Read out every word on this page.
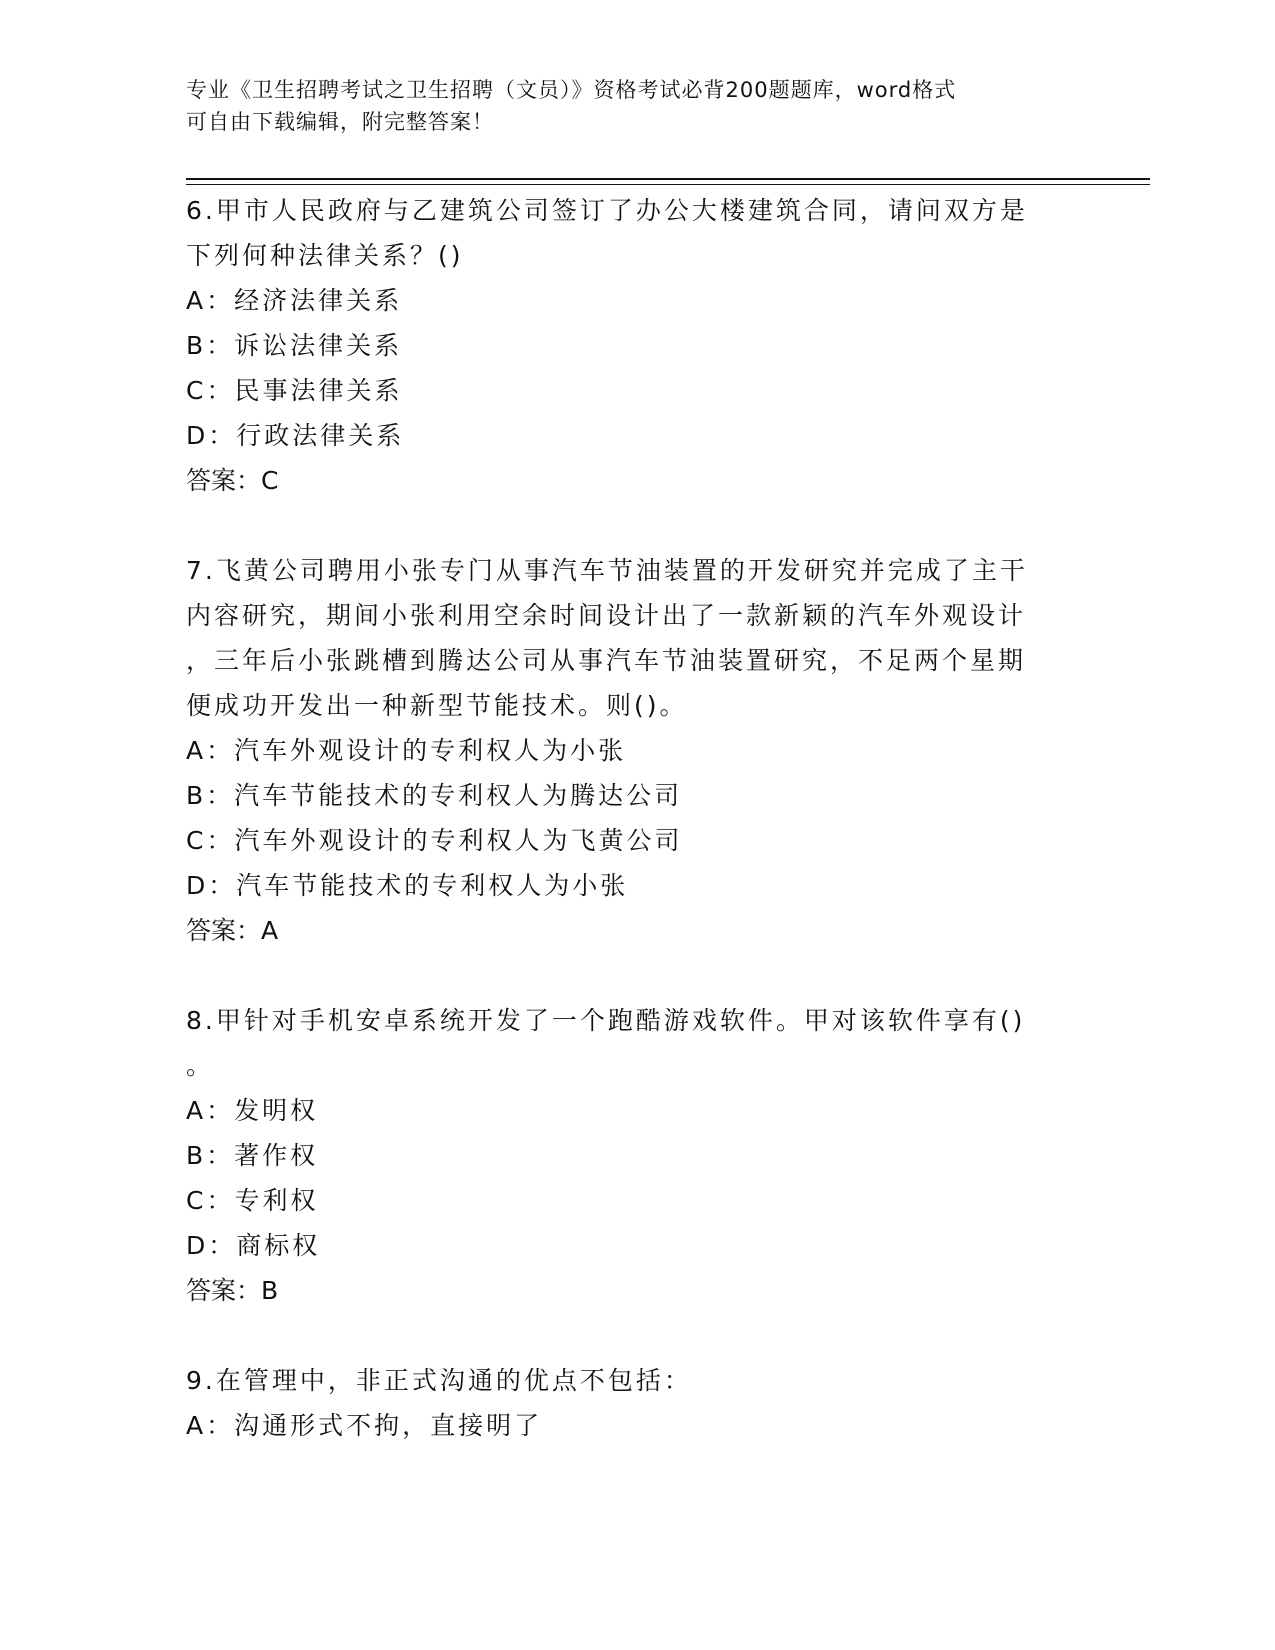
专业《卫生招聘考试之卫生招聘（文员）》资格考试必背200题题库，word格式
可自由下载编辑，附完整答案！
6.甲市人民政府与乙建筑公司签订了办公大楼建筑合同，请问双方是
下列何种法律关系？()
A：经济法律关系
B：诉讼法律关系
C：民事法律关系
D：行政法律关系
答案：C
7.飞黄公司聘用小张专门从事汽车节油装置的开发研究并完成了主干
内容研究，期间小张利用空余时间设计出了一款新颖的汽车外观设计
，三年后小张跳槽到腾达公司从事汽车节油装置研究，不足两个星期
便成功开发出一种新型节能技术。则()。
A：汽车外观设计的专利权人为小张
B：汽车节能技术的专利权人为腾达公司
C：汽车外观设计的专利权人为飞黄公司
D：汽车节能技术的专利权人为小张
答案：A
8.甲针对手机安卓系统开发了一个跑酷游戏软件。甲对该软件享有()
。
A：发明权
B：著作权
C：专利权
D：商标权
答案：B
9.在管理中，非正式沟通的优点不包括：
A：沟通形式不拘，直接明了
